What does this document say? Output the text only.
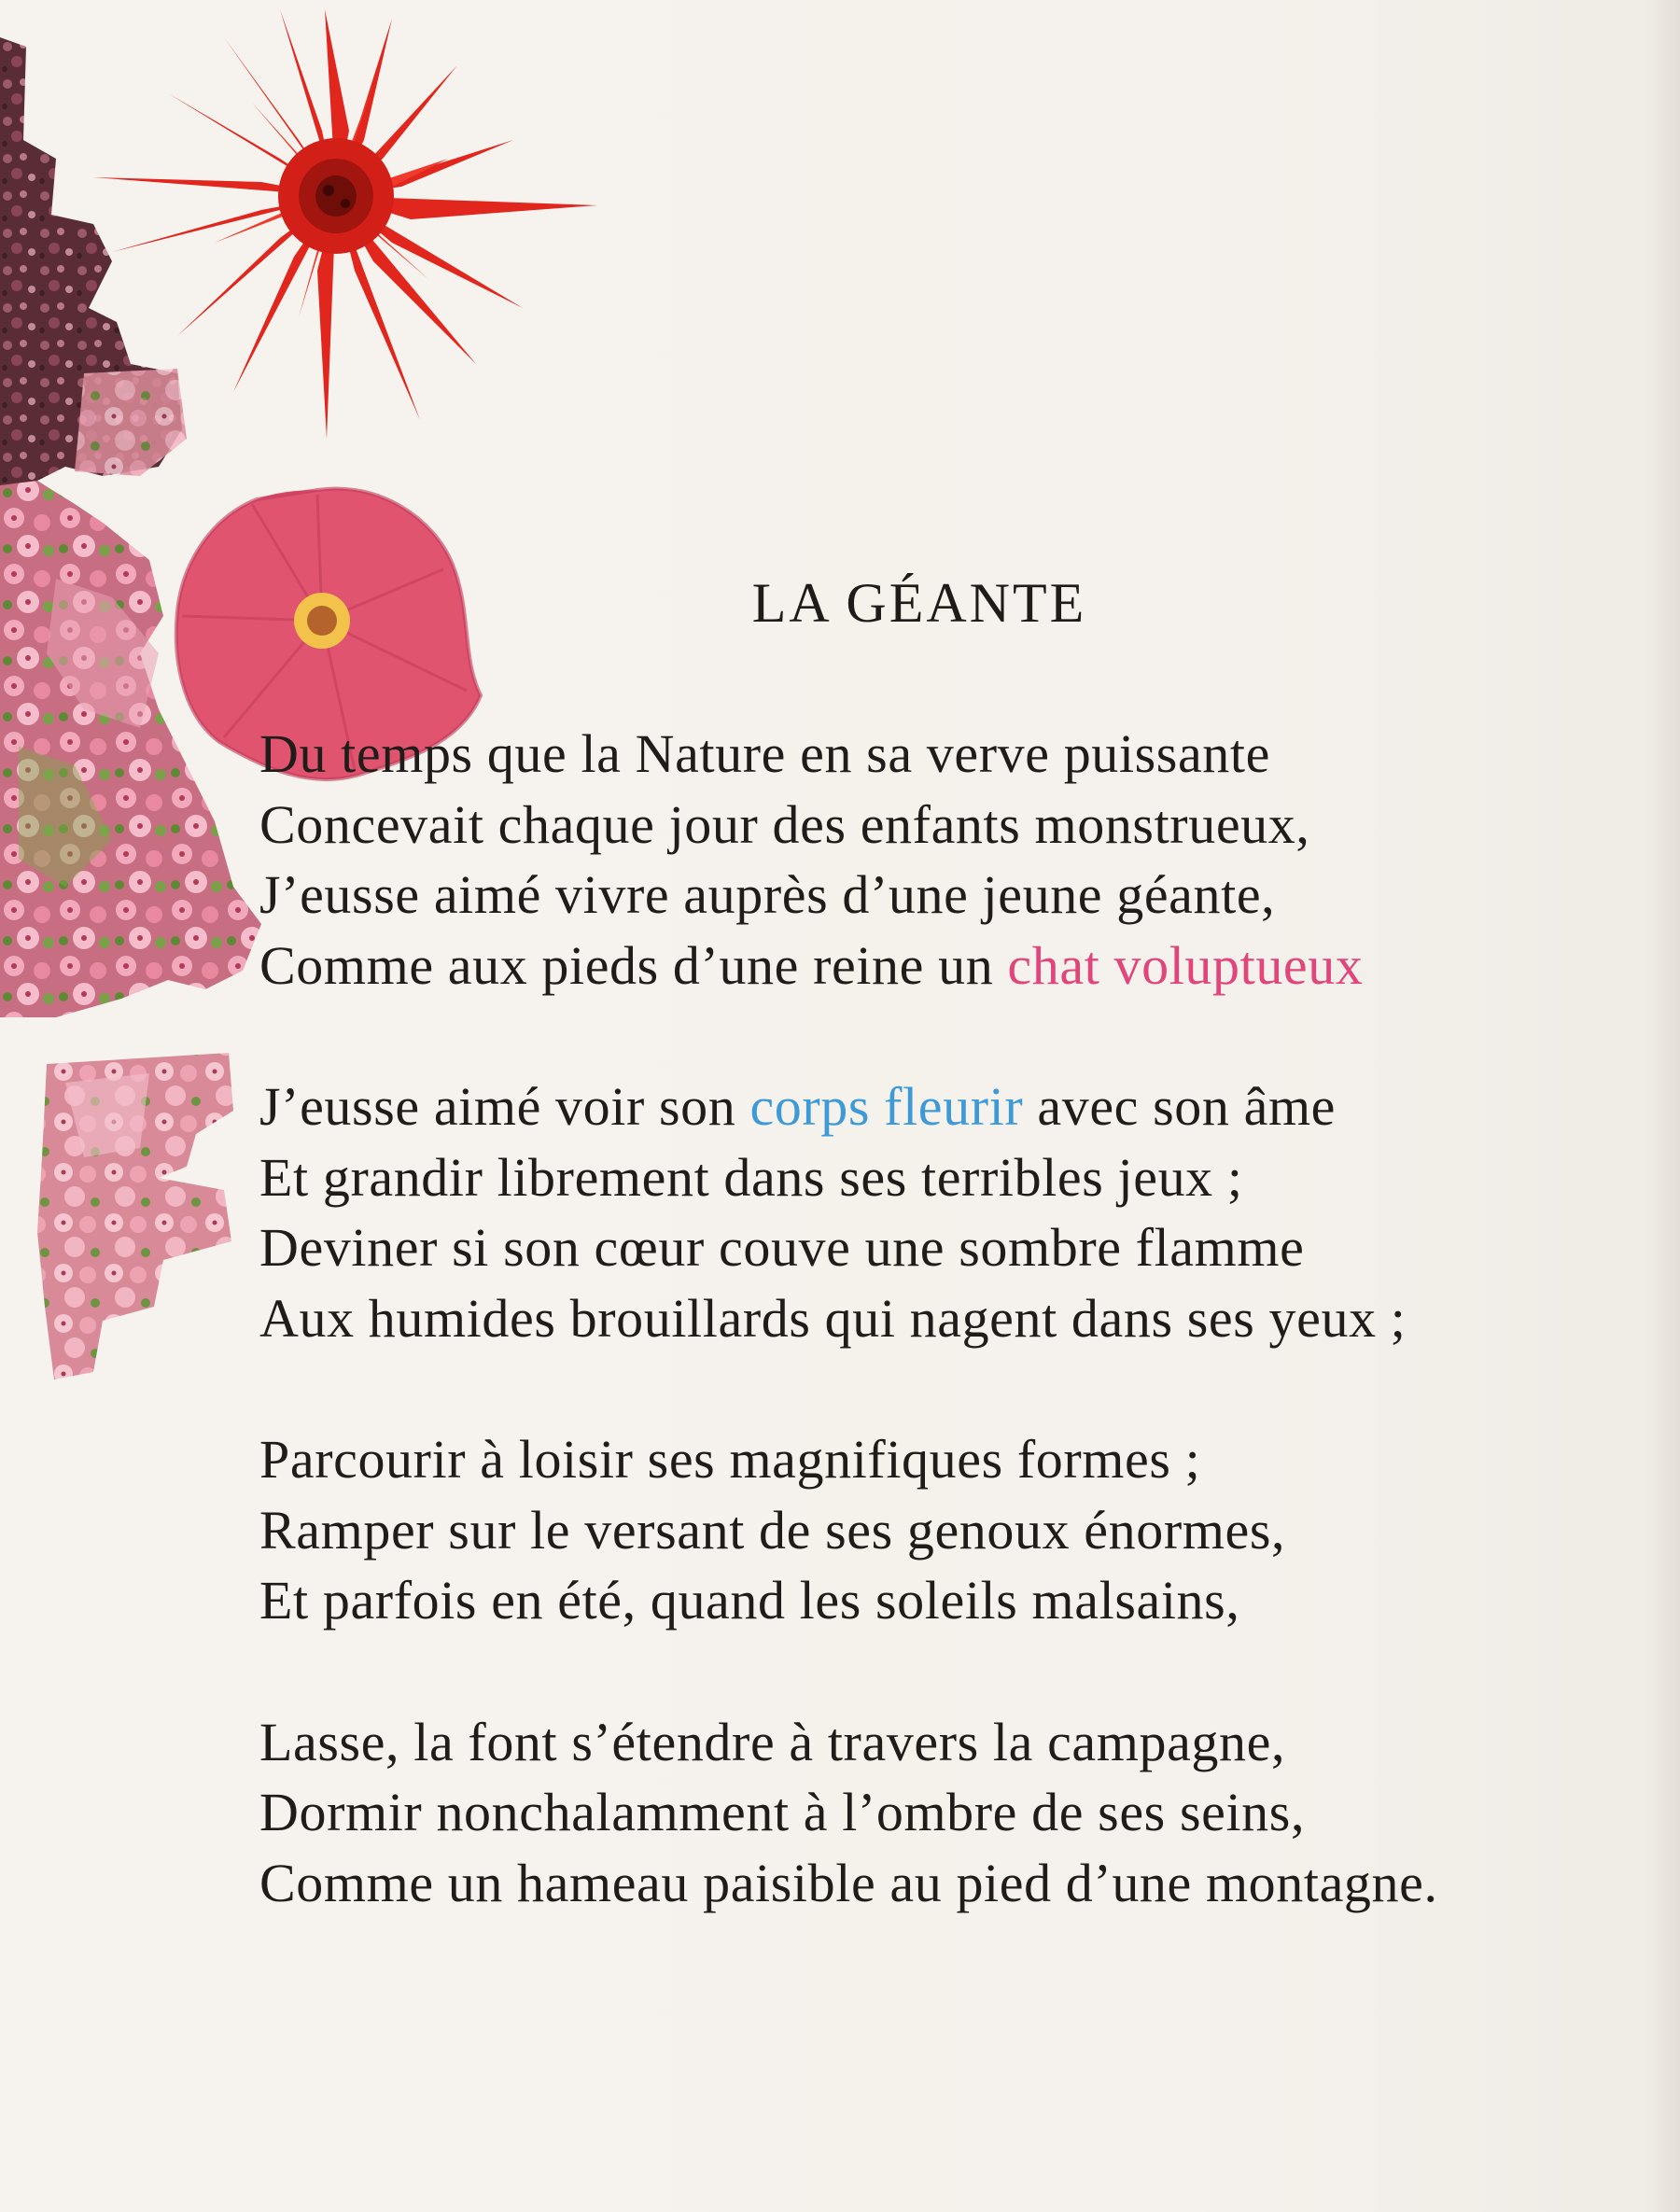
LA GÉANTE
Du temps que la Nature en sa verve puissante
Concevait chaque jour des enfants monstrueux,
J’eusse aimé vivre auprès d’une jeune géante,
Comme aux pieds d’une reine un chat voluptueux
J’eusse aimé voir son corps fleurir avec son âme
Et grandir librement dans ses terribles jeux ;
Deviner si son cœur couve une sombre flamme
Aux humides brouillards qui nagent dans ses yeux ;
Parcourir à loisir ses magnifiques formes ;
Ramper sur le versant de ses genoux énormes,
Et parfois en été, quand les soleils malsains,
Lasse, la font s’étendre à travers la campagne,
Dormir nonchalamment à l’ombre de ses seins,
Comme un hameau paisible au pied d’une montagne.
